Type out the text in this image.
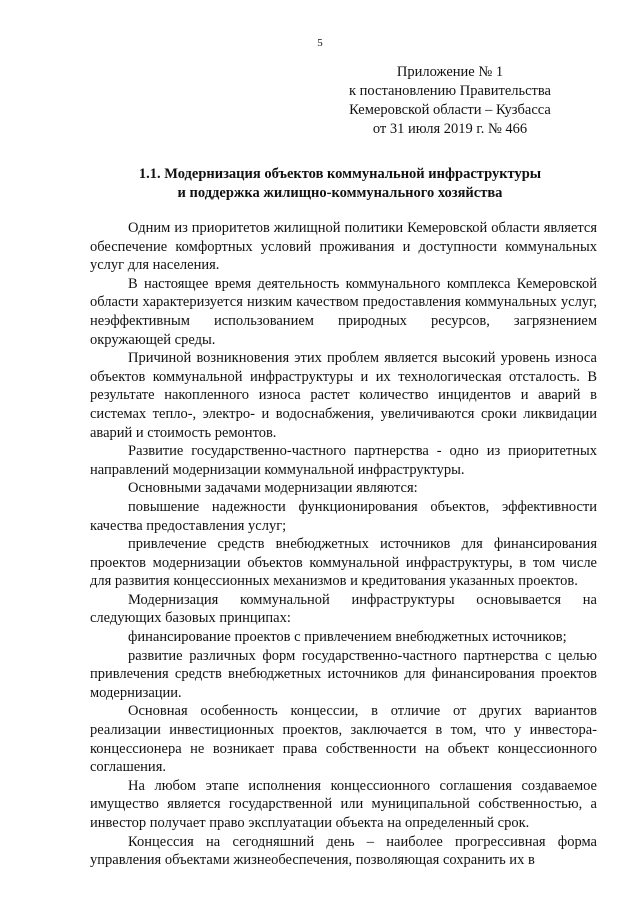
5
Приложение № 1
к постановлению Правительства
Кемеровской области – Кузбасса
от 31 июля 2019 г. № 466
1.1. Модернизация объектов коммунальной инфраструктуры
и поддержка жилищно-коммунального хозяйства

Одним из приоритетов жилищной политики Кемеровской области является обеспечение комфортных условий проживания и доступности коммунальных услуг для населения.

В настоящее время деятельность коммунального комплекса Кемеровской области характеризуется низким качеством предоставления коммунальных услуг, неэффективным использованием природных ресурсов, загрязнением окружающей среды.

Причиной возникновения этих проблем является высокий уровень износа объектов коммунальной инфраструктуры и их технологическая отсталость. В результате накопленного износа растет количество инцидентов и аварий в системах тепло-, электро- и водоснабжения, увеличиваются сроки ликвидации аварий и стоимость ремонтов.

Развитие государственно-частного партнерства - одно из приоритетных направлений модернизации коммунальной инфраструктуры.

Основными задачами модернизации являются:

повышение надежности функционирования объектов, эффективности качества предоставления услуг;

привлечение средств внебюджетных источников для финансирования проектов модернизации объектов коммунальной инфраструктуры, в том числе для развития концессионных механизмов и кредитования указанных проектов.

Модернизация коммунальной инфраструктуры основывается на следующих базовых принципах:

финансирование проектов с привлечением внебюджетных источников;

развитие различных форм государственно-частного партнерства с целью привлечения средств внебюджетных источников для финансирования проектов модернизации.

Основная особенность концессии, в отличие от других вариантов реализации инвестиционных проектов, заключается в том, что у инвестора-концессионера не возникает права собственности на объект концессионного соглашения.

На любом этапе исполнения концессионного соглашения создаваемое имущество является государственной или муниципальной собственностью, а инвестор получает право эксплуатации объекта на определенный срок.

Концессия на сегодняшний день – наиболее прогрессивная форма управления объектами жизнеобеспечения, позволяющая сохранить их в
